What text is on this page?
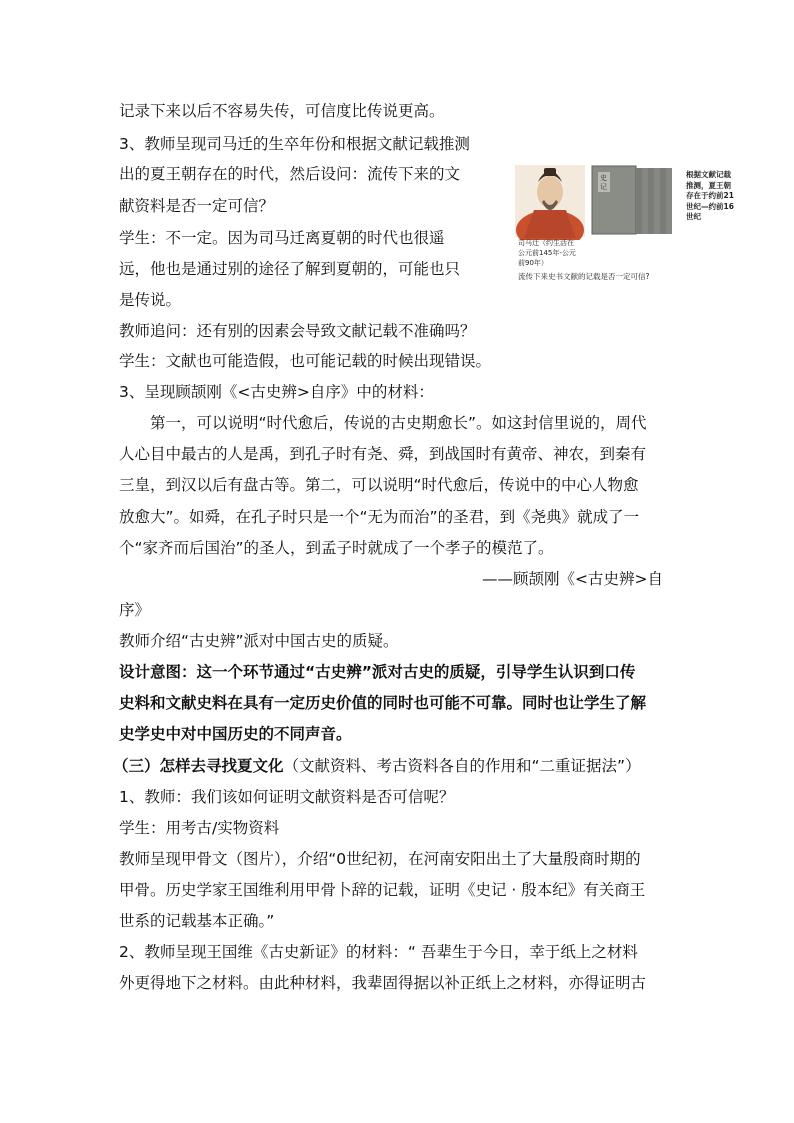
记录下来以后不容易失传，可信度比传说更高。
3、教师呈现司马迁的生卒年份和根据文献记载推测
出的夏王朝存在的时代，然后设问：流传下来的文
献资料是否一定可信？
学生：不一定。因为司马迁离夏朝的时代也很遥
远，他也是通过别的途径了解到夏朝的，可能也只
是传说。
教师追问：还有别的因素会导致文献记载不准确吗？
学生：文献也可能造假，也可能记载的时候出现错误。
3、呈现顾颉刚《<古史辨>自序》中的材料：
第一，可以说明“时代愈后，传说的古史期愈长”。如这封信里说的，周代
人心目中最古的人是禹，到孔子时有尧、舜，到战国时有黄帝、神农，到秦有
三皇，到汉以后有盘古等。第二，可以说明“时代愈后，传说中的中心人物愈
放愈大”。如舜，在孔子时只是一个“无为而治”的圣君，到《尧典》就成了一
个“家齐而后国治”的圣人，到孟子时就成了一个孝子的模范了。
——顾颉刚《<古史辨>自
序》
教师介绍“古史辨”派对中国古史的质疑。
设计意图：这一个环节通过“古史辨”派对古史的质疑，引导学生认识到口传
史料和文献史料在具有一定历史价值的同时也可能不可靠。同时也让学生了解
史学史中对中国历史的不同声音。
（三）怎样去寻找夏文化（文献资料、考古资料各自的作用和“二重证据法”）
1、教师：我们该如何证明文献资料是否可信呢？
学生：用考古/实物资料
教师呈现甲骨文（图片），介绍“0世纪初，在河南安阳出土了大量殷商时期的
甲骨。历史学家王国维利用甲骨卜辞的记载，证明《史记 · 殷本纪》有关商王
世系的记载基本正确。”
2、教师呈现王国维《古史新证》的材料：“ 吾辈生于今日，幸于纸上之材料
外更得地下之材料。由此种材料，我辈固得据以补正纸上之材料，亦得证明古
史记
司马迁（约生活在
公元前145年-公元
前90年）
根据文献记载
推测，夏王朝
存在于约前21
世纪—约前16
世纪
流传下来史书文献的记载是否一定可信?
